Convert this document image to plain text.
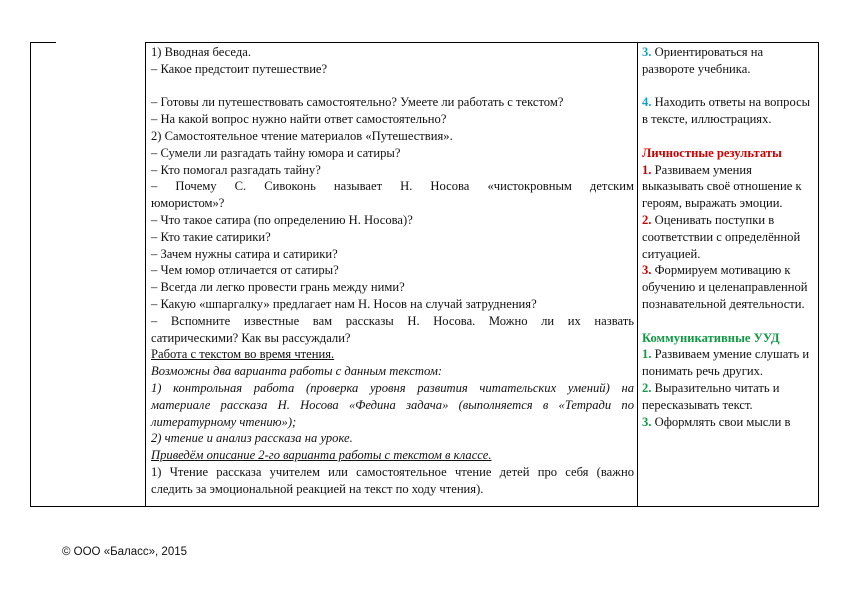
1) Вводная беседа.
– Какое предстоит путешествие?
– Готовы ли путешествовать самостоятельно? Умеете ли работать с текстом?
– На какой вопрос нужно найти ответ самостоятельно?
2) Самостоятельное чтение материалов «Путешествия».
– Сумели ли разгадать тайну юмора и сатиры?
– Кто помогал разгадать тайну?
– Почему С. Сивоконь называет Н. Носова «чистокровным детским
юмористом»?
– Что такое сатира (по определению Н. Носова)?
– Кто такие сатирики?
– Зачем нужны сатира и сатирики?
– Чем юмор отличается от сатиры?
– Всегда ли легко провести грань между ними?
– Какую «шпаргалку» предлагает нам Н. Носов на случай затруднения?
– Вспомните известные вам рассказы Н. Носова. Можно ли их назвать
сатирическими? Как вы рассуждали?
Работа с текстом во время чтения.
Возможны два варианта работы с данным текстом:
1) контрольная работа (проверка уровня развития читательских умений) на
материале рассказа Н. Носова «Федина задача» (выполняется в «Тетради по
литературному чтению»);
2) чтение и анализ рассказа на уроке.
Приведём описание 2-го варианта работы с текстом в классе.
1) Чтение рассказа учителем или самостоятельное чтение детей про себя (важно
следить за эмоциональной реакцией на текст по ходу чтения).
3. Ориентироваться на развороте учебника.
4. Находить ответы на вопросы в тексте, иллюстрациях.
Личностные результаты
1. Развиваем умения выказывать своё отношение к героям, выражать эмоции.
2. Оценивать поступки в соответствии с определённой ситуацией.
3. Формируем мотивацию к обучению и целенаправленной познавательной деятельности.
Коммуникативные УУД
1. Развиваем умение слушать и понимать речь других.
2. Выразительно читать и пересказывать текст.
3. Оформлять свои мысли в
© ООО «Баласс», 2015
